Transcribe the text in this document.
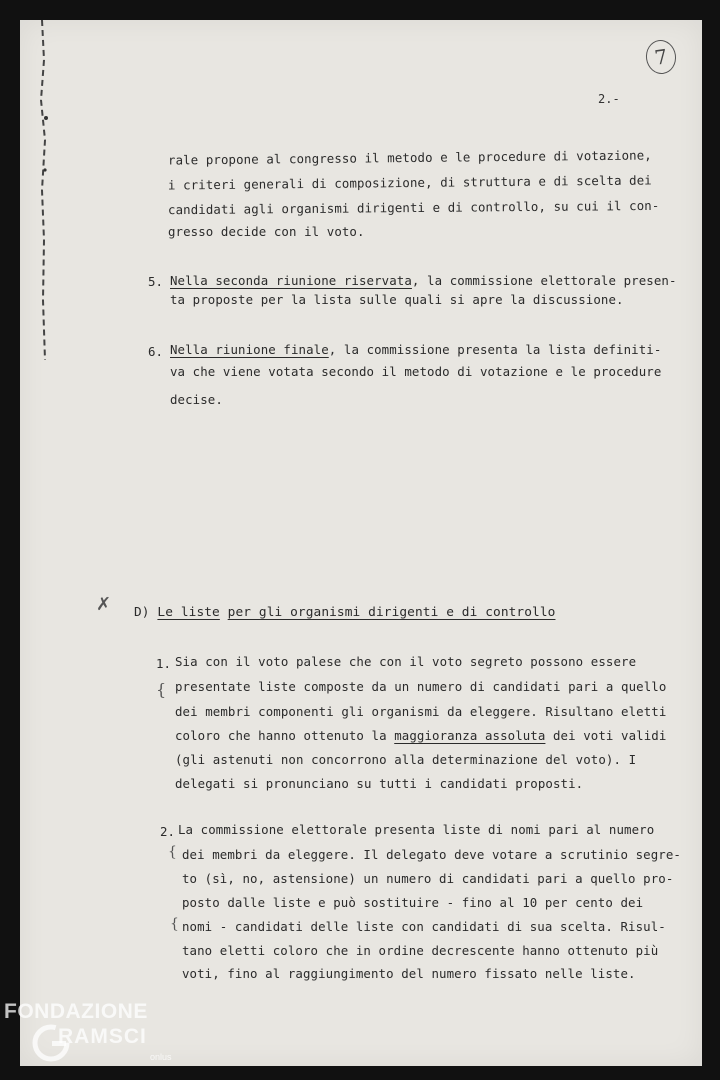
7
2.-
rale propone al congresso il metodo e le procedure di votazione,
i criteri generali di composizione, di struttura e di scelta dei
candidati agli organismi dirigenti e di controllo, su cui il con-
gresso decide con il voto.
5. Nella seconda riunione riservata, la commissione elettorale presen-
ta proposte per la lista sulle quali si apre la discussione.
6. Nella riunione finale, la commissione presenta la lista definiti-
va che viene votata secondo il metodo di votazione e le procedure
decise.
✗ D) Le liste per gli organismi dirigenti e di controllo
1.
{
Sia con il voto palese che con il voto segreto possono essere
presentate liste composte da un numero di candidati pari a quello
dei membri componenti gli organismi da eleggere. Risultano eletti
coloro che hanno ottenuto la maggioranza assoluta dei voti validi
(gli astenuti non concorrono alla determinazione del voto). I
delegati si pronunciano su tutti i candidati proposti.
2.
{
{
La commissione elettorale presenta liste di nomi pari al numero
dei membri da eleggere. Il delegato deve votare a scrutinio segre-
to (sì, no, astensione) un numero di candidati pari a quello pro-
posto dalle liste e può sostituire - fino al 10 per cento dei
nomi - candidati delle liste con candidati di sua scelta. Risul-
tano eletti coloro che in ordine decrescente hanno ottenuto più
voti, fino al raggiungimento del numero fissato nelle liste.
FONDAZIONE
RAMSCI
onlus
